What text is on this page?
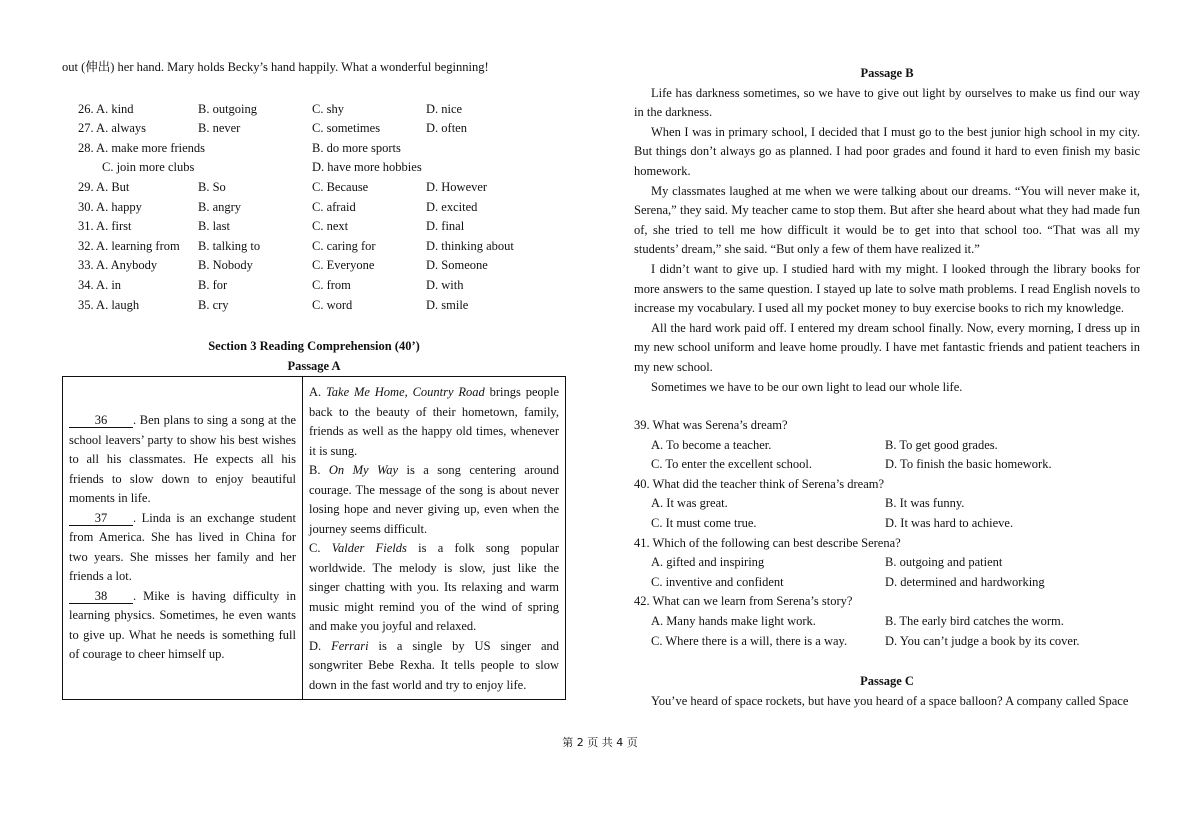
out (伸出) her hand. Mary holds Becky’s hand happily. What a wonderful beginning!

26. A. kind	B. outgoing	C. shy	D. nice
27. A. always	B. never	C. sometimes	D. often
28. A. make more friends	B. do more sports
C. join more clubs	D. have more hobbies
29. A. But	B. So	C. Because	D. However
30. A. happy	B. angry	C. afraid	D. excited
31. A. first	B. last	C. next	D. final
32. A. learning from	B. talking to	C. caring for	D. thinking about
33. A. Anybody	B. Nobody	C. Everyone	D. Someone
34. A. in	B. for	C. from	D. with
35. A. laugh	B. cry	C. word	D. smile

Section 3 Reading Comprehension (40’)

Passage A

36 . Ben plans to sing a song at the school leavers’ party to show his best wishes to all his classmates. He expects all his friends to slow down to enjoy beautiful moments in life.

37 . Linda is an exchange student from America. She has lived in China for two years. She misses her family and her friends a lot.

38 . Mike is having difficulty in learning physics. Sometimes, he even wants to give up. What he needs is something full of courage to cheer himself up.

A. Take Me Home, Country Road brings people back to the beauty of their hometown, family, friends as well as the happy old times, whenever it is sung.

B. On My Way is a song centering around courage. The message of the song is about never losing hope and never giving up, even when the journey seems difficult.

C. Valder Fields is a folk song popular worldwide. The melody is slow, just like the singer chatting with you. Its relaxing and warm music might remind you of the wind of spring and make you joyful and relaxed.

D. Ferrari is a single by US singer and songwriter Bebe Rexha. It tells people to slow down in the fast world and try to enjoy life.

Passage B

Life has darkness sometimes, so we have to give out light by ourselves to make us find our way in the darkness.

When I was in primary school, I decided that I must go to the best junior high school in my city. But things don’t always go as planned. I had poor grades and found it hard to even finish my basic homework.

My classmates laughed at me when we were talking about our dreams. “You will never make it, Serena,” they said. My teacher came to stop them. But after she heard about what they had made fun of, she tried to tell me how difficult it would be to get into that school too. “That was all my students’ dream,” she said. “But only a few of them have realized it.”

I didn’t want to give up. I studied hard with my might. I looked through the library books for more answers to the same question. I stayed up late to solve math problems. I read English novels to increase my vocabulary. I used all my pocket money to buy exercise books to rich my knowledge.

All the hard work paid off. I entered my dream school finally. Now, every morning, I dress up in my new school uniform and leave home proudly. I have met fantastic friends and patient teachers in my new school.

Sometimes we have to be our own light to lead our whole life.

39. What was Serena’s dream?

A. To become a teacher.	B. To get good grades.
C. To enter the excellent school.	D. To finish the basic homework.

40. What did the teacher think of Serena’s dream?

A. It was great.	B. It was funny.
C. It must come true.	D. It was hard to achieve.

41. Which of the following can best describe Serena?

A. gifted and inspiring	B. outgoing and patient
C. inventive and confident	D. determined and hardworking

42. What can we learn from Serena’s story?

A. Many hands make light work.	B. The early bird catches the worm.
C. Where there is a will, there is a way.	D. You can’t judge a book by its cover.

Passage C

You’ve heard of space rockets, but have you heard of a space balloon? A company called Space

第 2 页 共 4 页
